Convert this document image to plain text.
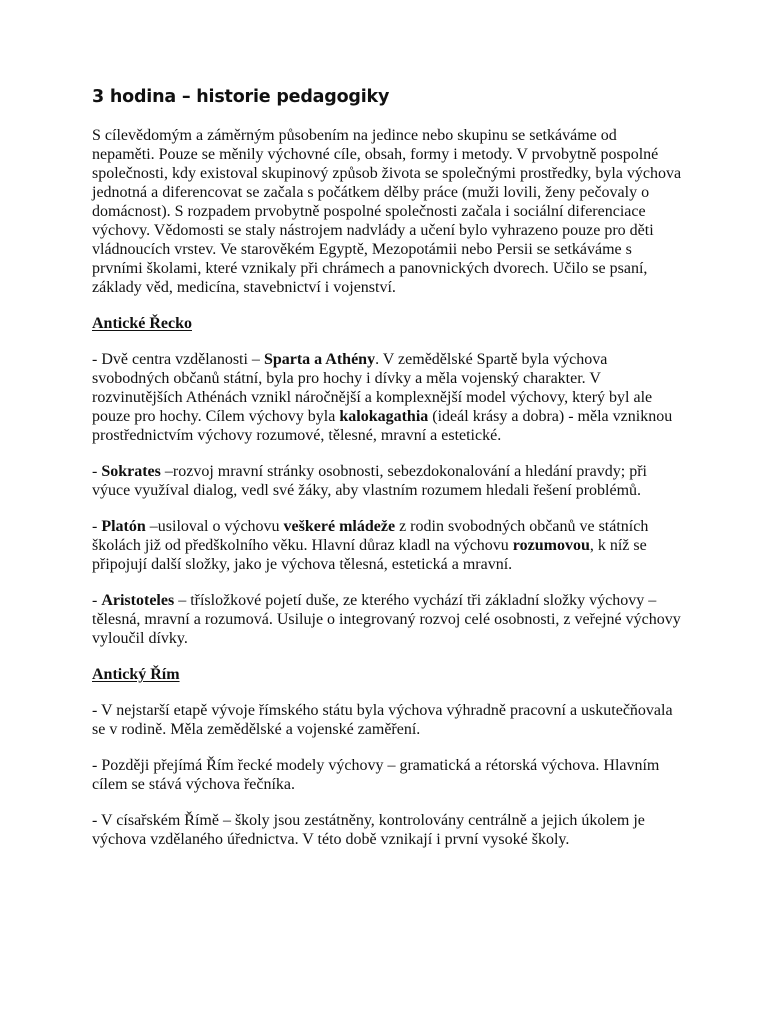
3 hodina – historie pedagogiky

S cílevědomým a záměrným působením na jedince nebo skupinu se setkáváme od nepaměti. Pouze se měnily výchovné cíle, obsah, formy i metody. V prvobytně pospolné společnosti, kdy existoval skupinový způsob života se společnými prostředky, byla výchova jednotná a diferencovat se začala s počátkem dělby práce (muži lovili, ženy pečovaly o domácnost). S rozpadem prvobytně pospolné společnosti začala i sociální diferenciace výchovy. Vědomosti se staly nástrojem nadvlády a učení bylo vyhrazeno pouze pro děti vládnoucích vrstev. Ve starověkém Egyptě, Mezopotámii nebo Persii se setkáváme s prvními školami, které vznikaly při chrámech a panovnických dvorech. Učilo se psaní, základy věd, medicína, stavebnictví i vojenství.

Antické Řecko

- Dvě centra vzdělanosti – Sparta a Athény. V zemědělské Spartě byla výchova svobodných občanů státní, byla pro hochy i dívky a měla vojenský charakter. V rozvinutějších Athénách vznikl náročnější a komplexnější model výchovy, který byl ale pouze pro hochy. Cílem výchovy byla kalokagathia (ideál krásy a dobra) - měla vzniknou prostřednictvím výchovy rozumové, tělesné, mravní a estetické.

- Sokrates –rozvoj mravní stránky osobnosti, sebezdokonalování a hledání pravdy; při výuce využíval dialog, vedl své žáky, aby vlastním rozumem hledali řešení problémů.

- Platón –usiloval o výchovu veškeré mládeže z rodin svobodných občanů ve státních školách již od předškolního věku. Hlavní důraz kladl na výchovu rozumovou, k níž se připojují další složky, jako je výchova tělesná, estetická a mravní.

- Aristoteles – třísložkové pojetí duše, ze kterého vychází tři základní složky výchovy – tělesná, mravní a rozumová. Usiluje o integrovaný rozvoj celé osobnosti, z veřejné výchovy vyloučil dívky.

Antický Řím

- V nejstarší etapě vývoje římského státu byla výchova výhradně pracovní a uskutečňovala se v rodině. Měla zemědělské a vojenské zaměření.

- Později přejímá Řím řecké modely výchovy – gramatická a rétorská výchova. Hlavním cílem se stává výchova řečníka.

- V císařském Římě – školy jsou zestátněny, kontrolovány centrálně a jejich úkolem je výchova vzdělaného úřednictva. V této době vznikají i první vysoké školy.
